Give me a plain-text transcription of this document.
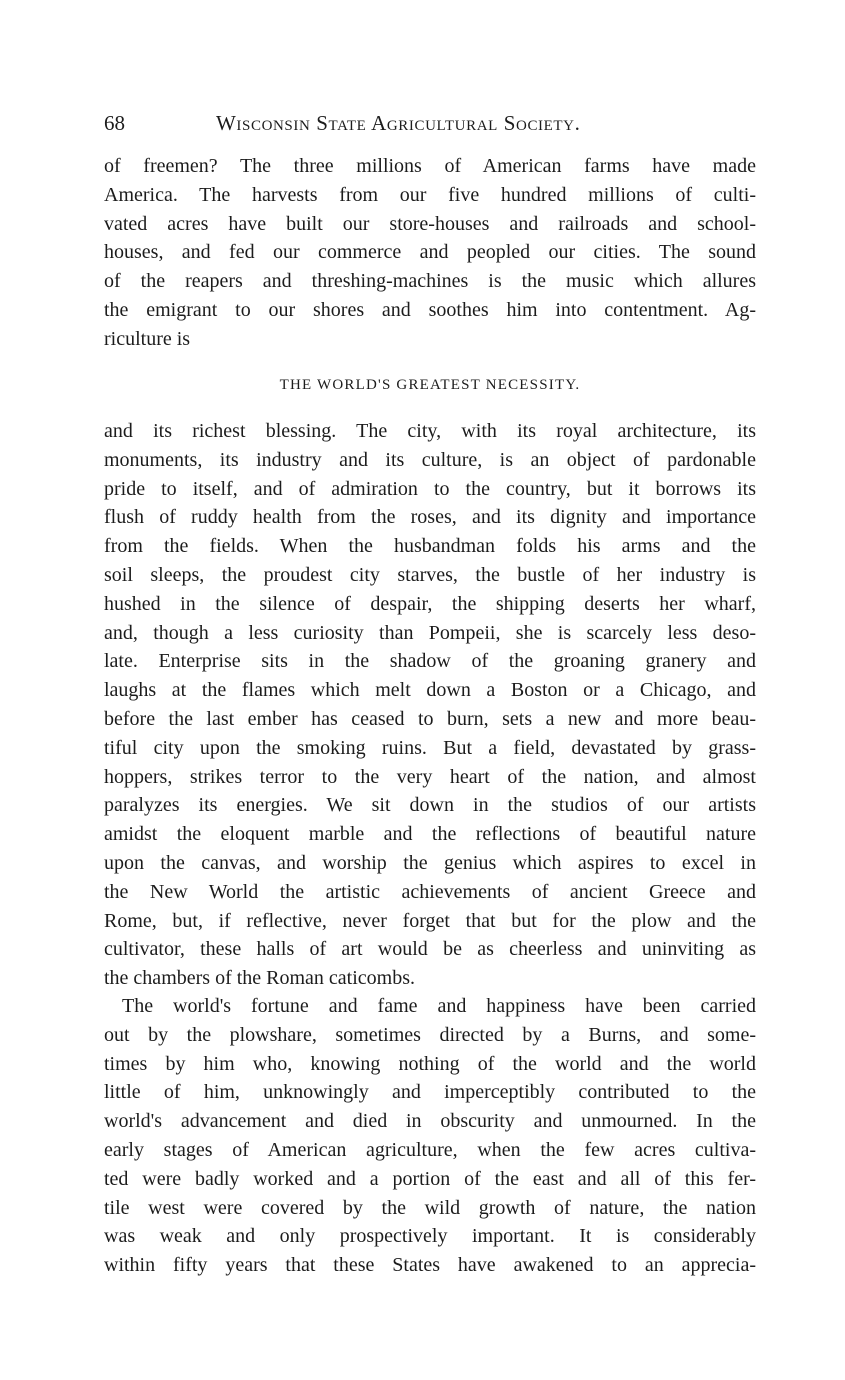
68	Wisconsin State Agricultural Society.
of freemen? The three millions of American farms have made
America. The harvests from our five hundred millions of culti-
vated acres have built our store-houses and railroads and school-
houses, and fed our commerce and peopled our cities. The sound
of the reapers and threshing-machines is the music which allures
the emigrant to our shores and soothes him into contentment. Ag-
riculture is
THE WORLD'S GREATEST NECESSITY.
and its richest blessing. The city, with its royal architecture, its
monuments, its industry and its culture, is an object of pardonable
pride to itself, and of admiration to the country, but it borrows its
flush of ruddy health from the roses, and its dignity and importance
from the fields. When the husbandman folds his arms and the
soil sleeps, the proudest city starves, the bustle of her industry is
hushed in the silence of despair, the shipping deserts her wharf,
and, though a less curiosity than Pompeii, she is scarcely less deso-
late. Enterprise sits in the shadow of the groaning granery and
laughs at the flames which melt down a Boston or a Chicago, and
before the last ember has ceased to burn, sets a new and more beau-
tiful city upon the smoking ruins. But a field, devastated by grass-
hoppers, strikes terror to the very heart of the nation, and almost
paralyzes its energies. We sit down in the studios of our artists
amidst the eloquent marble and the reflections of beautiful nature
upon the canvas, and worship the genius which aspires to excel in
the New World the artistic achievements of ancient Greece and
Rome, but, if reflective, never forget that but for the plow and the
cultivator, these halls of art would be as cheerless and uninviting as
the chambers of the Roman caticombs.
The world's fortune and fame and happiness have been carried
out by the plowshare, sometimes directed by a Burns, and some-
times by him who, knowing nothing of the world and the world
little of him, unknowingly and imperceptibly contributed to the
world's advancement and died in obscurity and unmourned. In the
early stages of American agriculture, when the few acres cultiva-
ted were badly worked and a portion of the east and all of this fer-
tile west were covered by the wild growth of nature, the nation
was weak and only prospectively important. It is considerably
within fifty years that these States have awakened to an apprecia-
